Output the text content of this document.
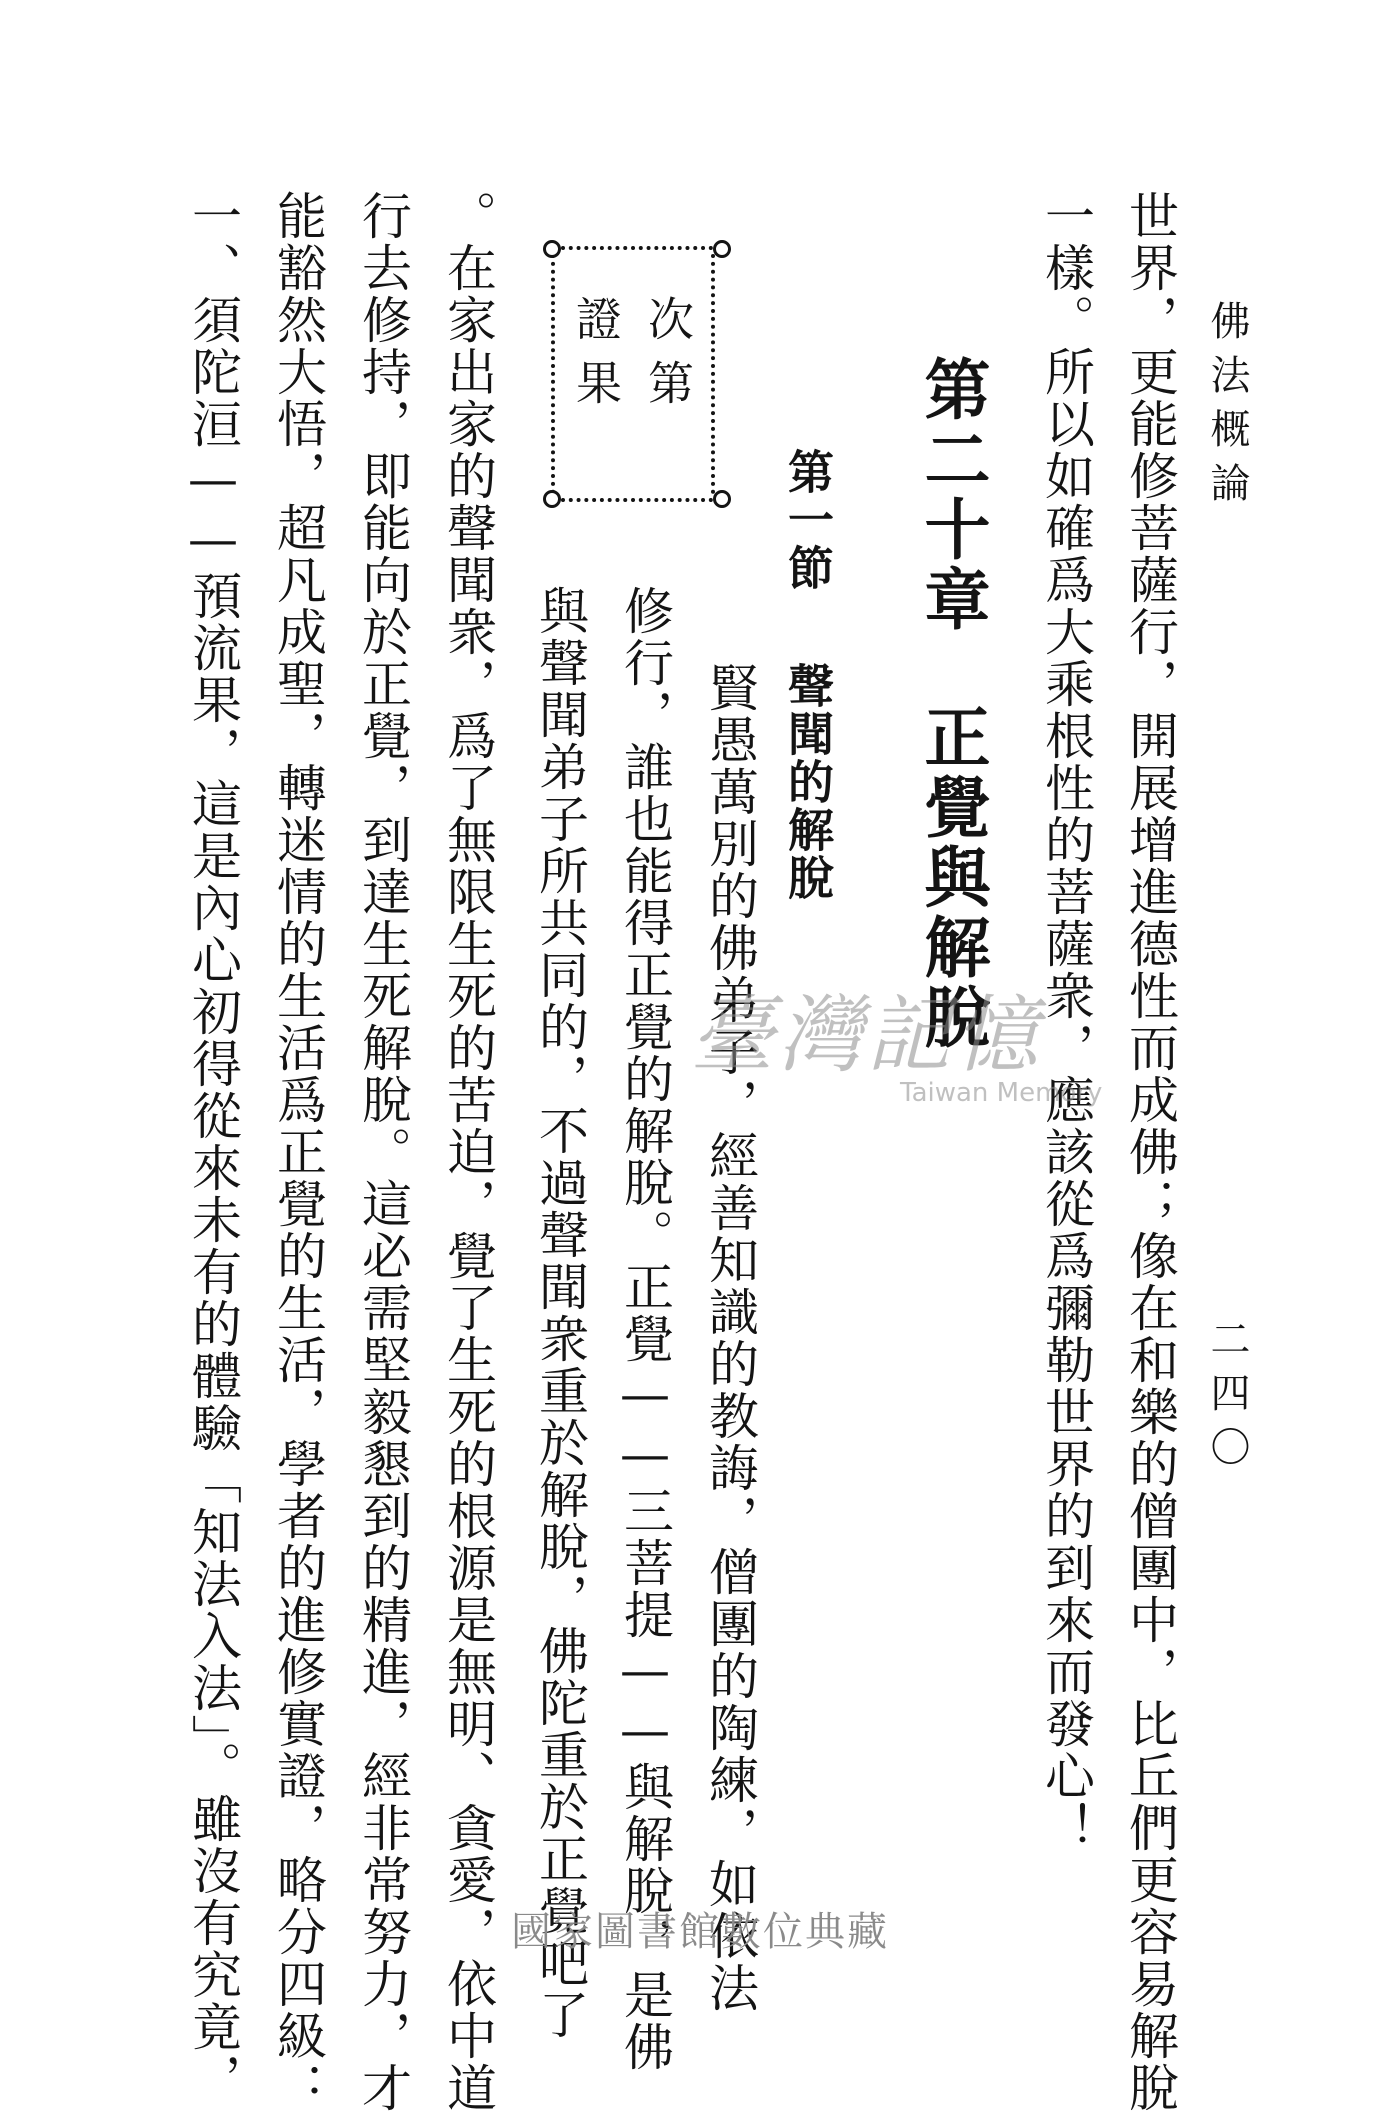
佛法概論
二四〇
世界，更能修菩薩行，開展增進德性而成佛；像在和樂的僧團中，比丘們更容易解脫
一樣。所以如確爲大乘根性的菩薩衆，應該從爲彌勒世界的到來而發心！
第二十章正覺與解脫
第一節聲聞的解脫
賢愚萬別的佛弟子，經善知識的教誨，僧團的陶練，如依法
修行，誰也能得正覺的解脫。正覺——三菩提——與解脫，是佛
與聲聞弟子所共同的，不過聲聞衆重於解脫，佛陀重於正覺吧了
次第
證果
。在家出家的聲聞衆，爲了無限生死的苦迫，覺了生死的根源是無明、貪愛，依中道
行去修持，即能向於正覺，到達生死解脫。這必需堅毅懇到的精進，經非常努力，才
能豁然大悟，超凡成聖，轉迷情的生活爲正覺的生活，學者的進修實證，略分四級：
一、須陀洹——預流果，這是內心初得從來未有的體驗「知法入法」。雖沒有究竟，	臺灣記憶
Taiwan Memory
國家圖書館數位典藏
